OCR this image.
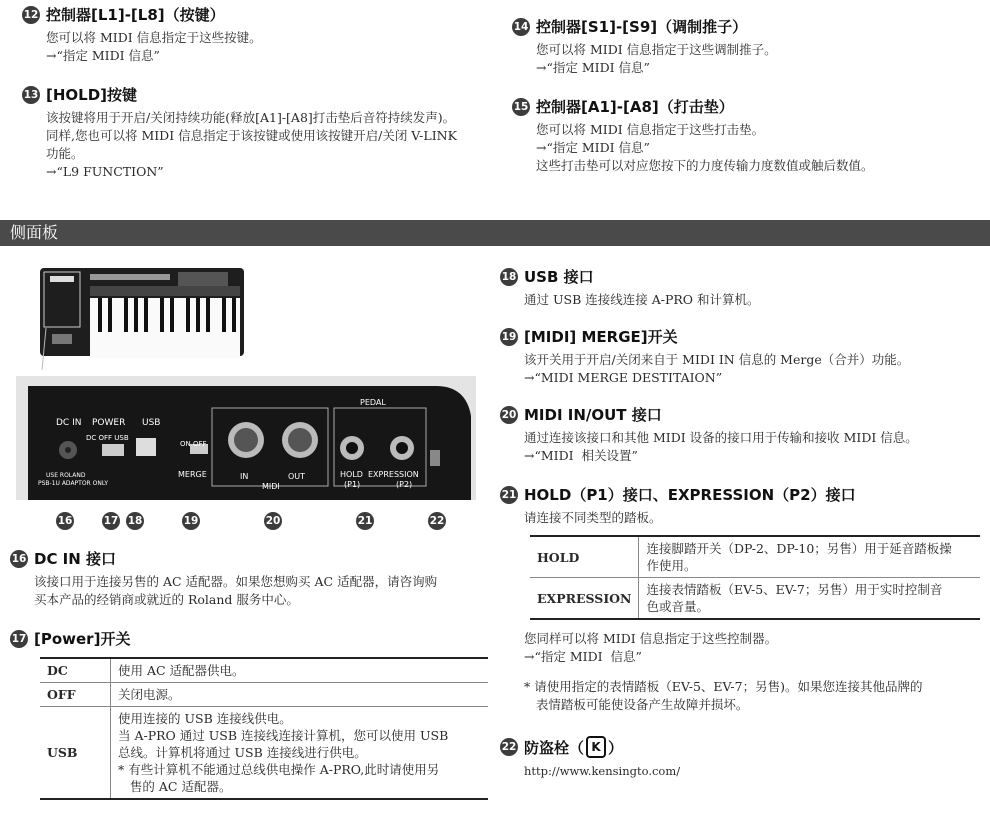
12 控制器[L1]-[L8]（按键）
您可以将 MIDI 信息指定于这些按键。
→“指定 MIDI 信息”
13 [HOLD]按键
该按键将用于开启/关闭持续功能(释放[A1]-[A8]打击垫后音符持续发声)。
同样,您也可以将 MIDI 信息指定于该按键或使用该按键开启/关闭 V-LINK
功能。
→“L9 FUNCTION”
14 控制器[S1]-[S9]（调制推子）
您可以将 MIDI 信息指定于这些调制推子。
→“指定 MIDI 信息”
15 控制器[A1]-[A8]（打击垫）
您可以将 MIDI 信息指定于这些打击垫。
→“指定 MIDI 信息”
这些打击垫可以对应您按下的力度传输力度数值或触后数值。
侧面板
DC IN POWER
DC OFF USB
USB
ON OFF
MERGE	IN	OUT
MIDI
PEDAL
HOLD
(P1)
EXPRESSION
(P2)
USE ROLAND
PSB-1U ADAPTOR ONLY
16	17 18	19	20	21	22
16 DC IN 接口
该接口用于连接另售的 AC 适配器。如果您想购买 AC 适配器，请咨询购
买本产品的经销商或就近的 Roland 服务中心。
17 [Power]开关
DC	使用 AC 适配器供电。
OFF	关闭电源。
USB	使用连接的 USB 连接线供电。
当 A-PRO 通过 USB 连接线连接计算机，您可以使用 USB
总线。计算机将通过 USB 连接线进行供电。
* 有些计算机不能通过总线供电操作 A-PRO,此时请使用另
售的 AC 适配器。
18 USB 接口
通过 USB 连接线连接 A-PRO 和计算机。
19 [MIDI] MERGE]开关
该开关用于开启/关闭来自于 MIDI IN 信息的 Merge（合并）功能。
→“MIDI MERGE DESTITAION”
20 MIDI IN/OUT 接口
通过连接该接口和其他 MIDI 设备的接口用于传输和接收 MIDI 信息。
→“MIDI  相关设置”
21 HOLD（P1）接口、EXPRESSION（P2）接口
请连接不同类型的踏板。
HOLD	连接脚踏开关（DP-2、DP-10；另售）用于延音踏板操
作使用。

EXPRESSION	连接表情踏板（EV-5、EV-7；另售）用于实时控制音
色或音量。
您同样可以将 MIDI 信息指定于这些控制器。
→“指定 MIDI  信息”
* 请使用指定的表情踏板（EV-5、EV-7；另售)。如果您连接其他品牌的
表情踏板可能使设备产生故障并损坏。
22 防盗栓（ K ）
http://www.kensingto.com/
